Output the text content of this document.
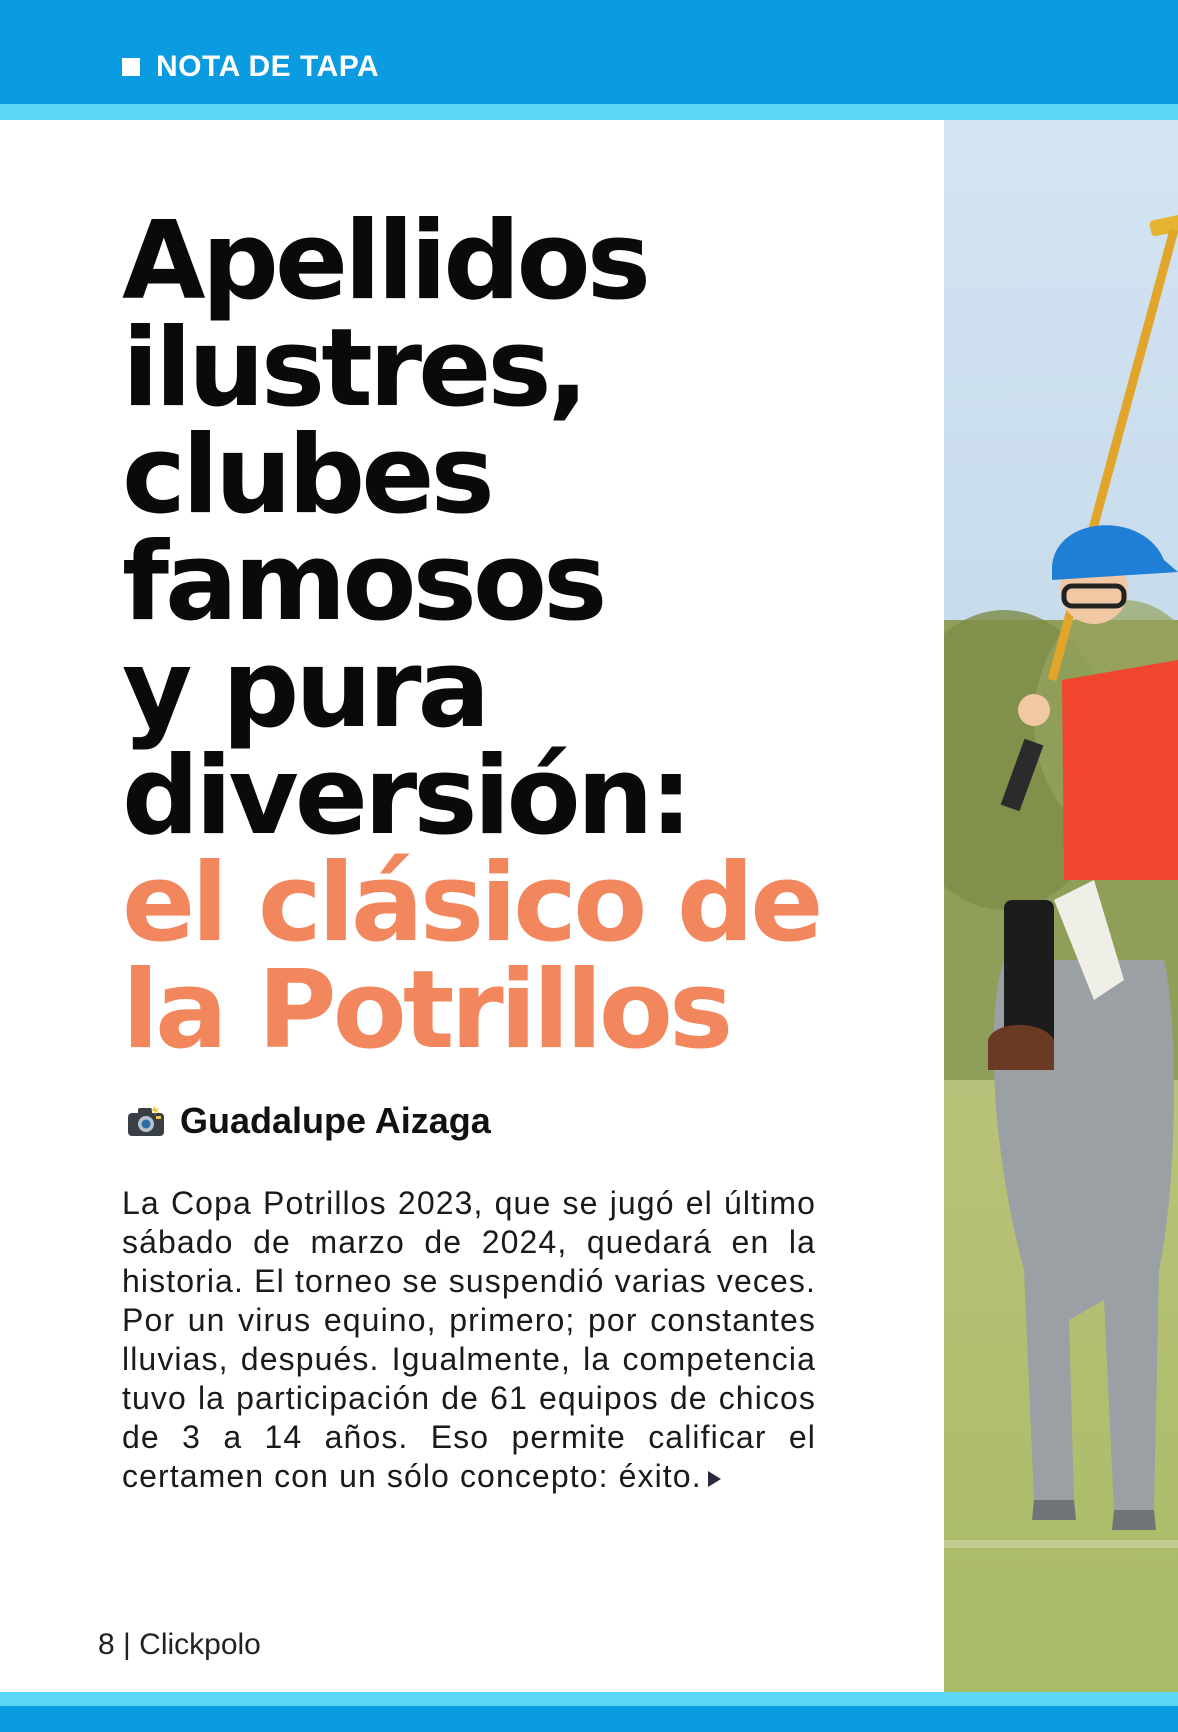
NOTA DE TAPA
Apellidos
ilustres,
clubes
famosos
y pura
diversión:
el clásico de
la Potrillos
Guadalupe Aizaga

La Copa Potrillos 2023, que se jugó el último sábado de marzo de 2024, quedará en la historia. El torneo se suspendió varias veces. Por un virus equino, primero; por constantes lluvias, después. Igualmente, la competencia tuvo la participación de 61 equipos de chicos de 3 a 14 años. Eso permite calificar el certamen con un sólo concepto: éxito.

8 | Clickpolo
